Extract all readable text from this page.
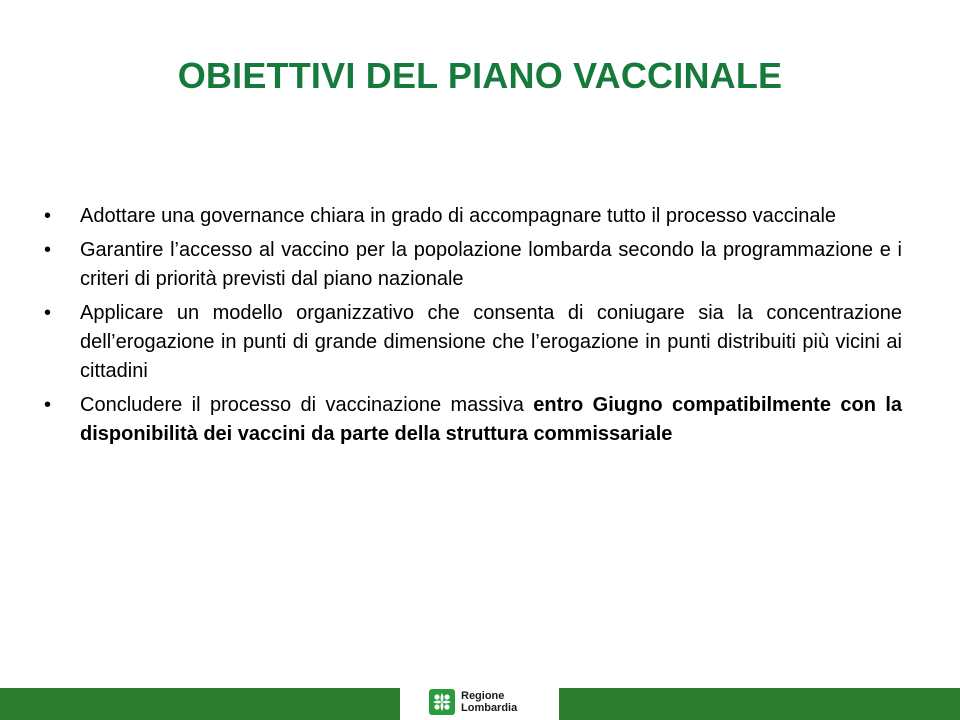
OBIETTIVI DEL PIANO VACCINALE
• Adottare una governance chiara in grado di accompagnare tutto il processo vaccinale
• Garantire l’accesso al vaccino per la popolazione lombarda secondo la programmazione e i criteri di priorità previsti dal piano nazionale
• Applicare un modello organizzativo che consenta di coniugare sia la concentrazione dell’erogazione in punti di grande dimensione che l’erogazione in punti distribuiti più vicini ai cittadini
• Concludere il processo di vaccinazione massiva entro Giugno compatibilmente con la disponibilità dei vaccini da parte della struttura commissariale
Regione
Lombardia
